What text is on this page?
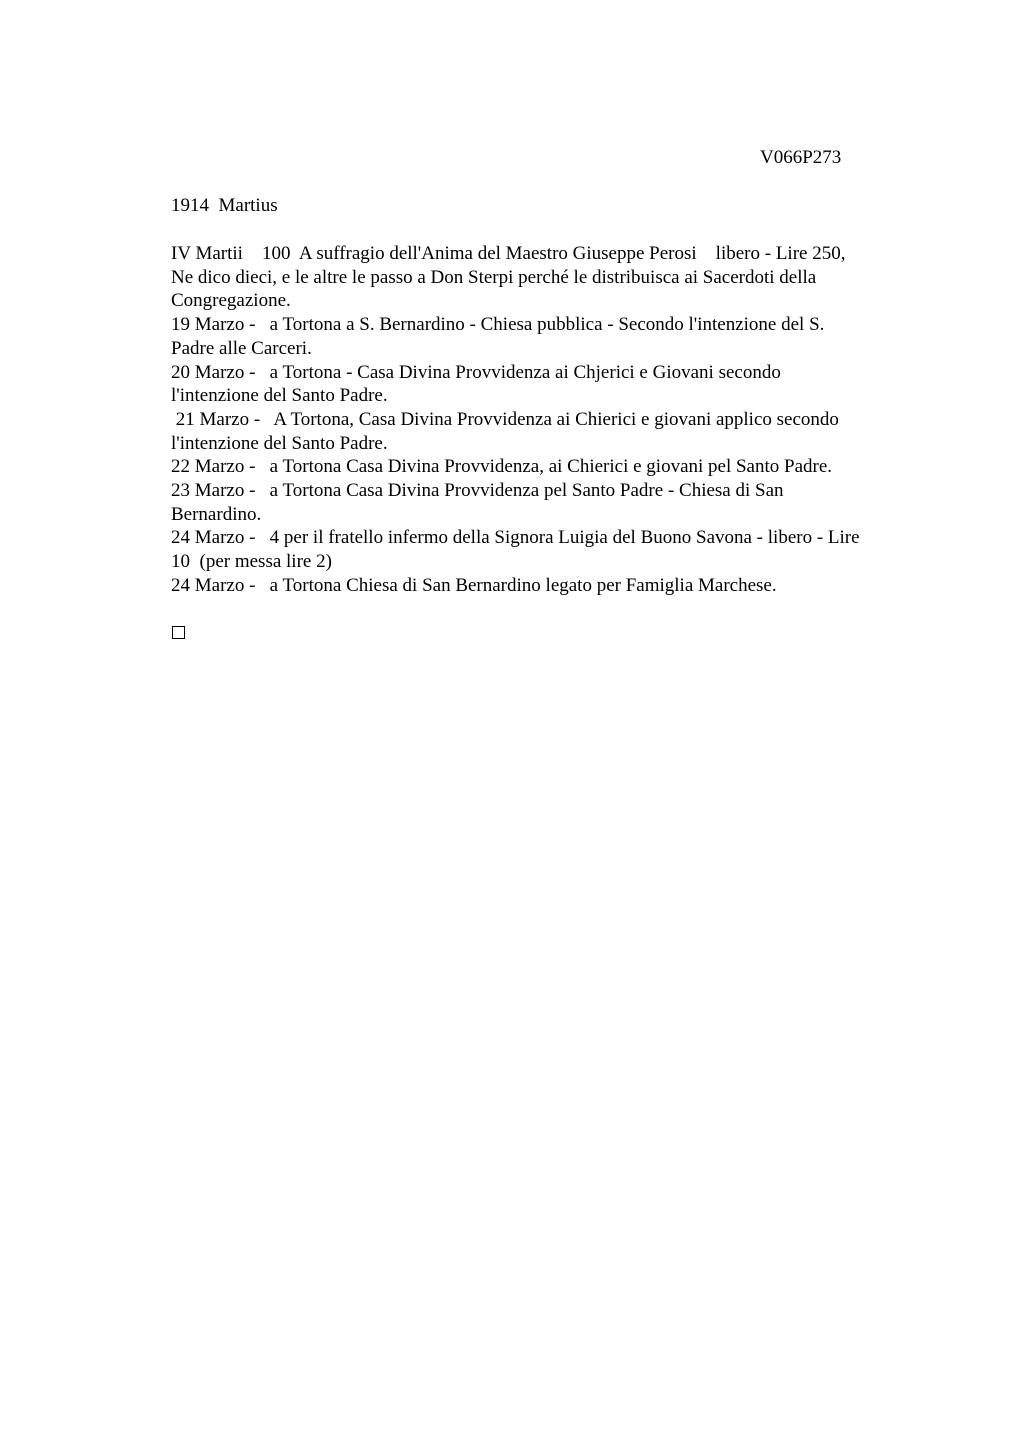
V066P273
1914  Martius
IV Martii    100  A suffragio dell'Anima del Maestro Giuseppe Perosi    libero - Lire 250,
Ne dico dieci, e le altre le passo a Don Sterpi perché le distribuisca ai Sacerdoti della
Congregazione.
19 Marzo -   a Tortona a S. Bernardino - Chiesa pubblica - Secondo l'intenzione del S.
Padre alle Carceri.
20 Marzo -   a Tortona - Casa Divina Provvidenza ai Chjerici e Giovani secondo
l'intenzione del Santo Padre.
21 Marzo -   A Tortona, Casa Divina Provvidenza ai Chierici e giovani applico secondo
l'intenzione del Santo Padre.
22 Marzo -   a Tortona Casa Divina Provvidenza, ai Chierici e giovani pel Santo Padre.
23 Marzo -   a Tortona Casa Divina Provvidenza pel Santo Padre - Chiesa di San
Bernardino.
24 Marzo -   4 per il fratello infermo della Signora Luigia del Buono Savona - libero - Lire
10  (per messa lire 2)
24 Marzo -   a Tortona Chiesa di San Bernardino legato per Famiglia Marchese.
